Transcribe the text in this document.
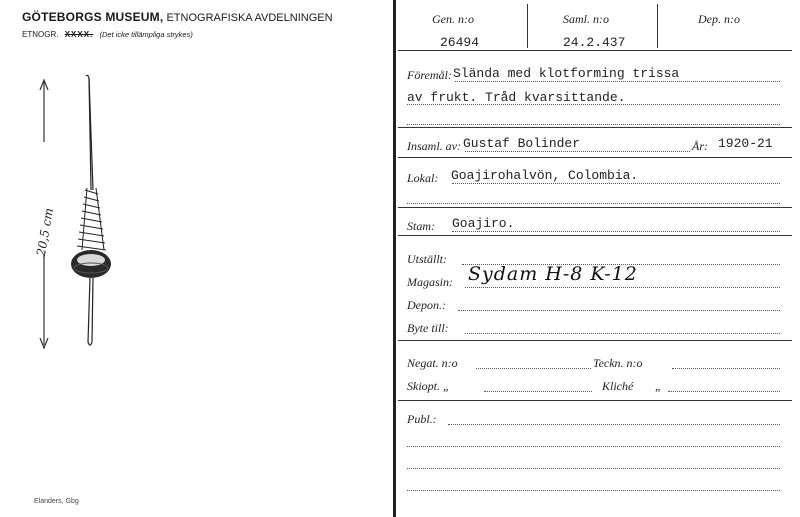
GÖTEBORGS MUSEUM, ETNOGRAFISKA AVDELNINGEN
ETNOGR. XXXX. (Det icke tillämpliga strykes)
20,5 cm
Elanders, Gbg
Gen. n:o	Saml. n:o	Dep. n:o
26494	24.2.437
Föremål: Slända med klotforming trissa
av frukt. Tråd kvarsittande.
Insaml. av: Gustaf Bolinder	År: 1920-21
Lokal: Goajirohalvön, Colombia.
Stam: Goajiro.
Utställt:
Magasin: Sydam H-8 K-12
Depon.:
Byte till:
Negat. n:o	Teckn. n:o
Skiopt. „	Kliché „
Publ.:
